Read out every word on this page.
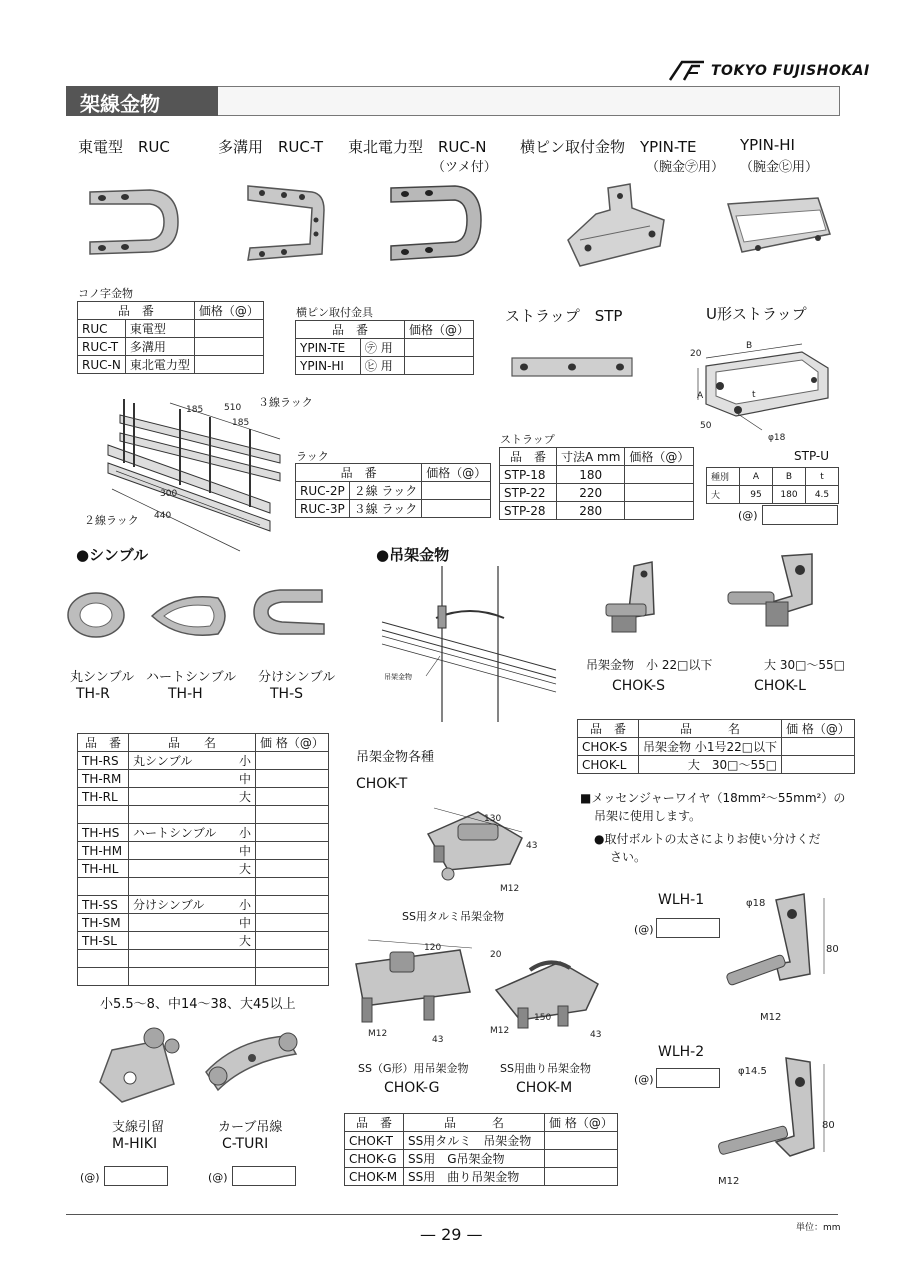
TOKYO FUJISHOKAI
架線金物
東電型　RUC	多溝用　RUC-T 東北電力型　RUC-N
（ツメ付）
横ピン取付金物　YPIN-TE
（腕金㋢用）
YPIN-HI
（腕金㋪用）
コノ字金物
品　番		価格（@）
RUC	東電型	
RUC-T	多溝用	
RUC-N	東北電力型	
横ピン取付金具
品　番		価格（@）
YPIN-TE	㋢ 用	
YPIN-HI	㋪ 用	
ストラップ　STP	U形ストラップ
B
20
A	t
50
φ18
185 510
185
３線ラック
300
440
２線ラック
ラック
品　番		価格（@）
RUC-2P	２線 ラック	
RUC-3P	３線 ラック	
ストラップ
品　番	寸法A mm	価格（@）
STP-18	180	
STP-22	220	
STP-28	280	
STP-U
種別	A	B	t
大	95	180	4.5
(@)
●シンブル
丸シンブル ハートシンブル 分けシンブル
TH-R	TH-H	TH-S
品　番	品　　名	価 格（@）
TH-RS	丸シンブル 小	

TH-RM	中	

TH-RL	大	

TH-HS	ハートシンブル 小	

TH-HM	中	

TH-HL	大	

TH-SS	分けシンブル 小	

TH-SM	中	

TH-SL	大	

小5.5～8、中14～38、大45以上
支線引留	カーブ吊線
M-HIKI	C-TURI
(@)	(@)
●吊架金物
吊架金物
吊架金物　小 22□以下	大 30□～55□
CHOK-S	CHOK-L
品　番	品　　　名	価 格（@）
CHOK-S	吊架金物 小1号22□以下	
CHOK-L	大　30□～55□	
■メッセンジャーワイヤ（18mm²～55mm²）の
吊架に使用します。
●取付ボルトの太さによりお使い分けくだ
さい。
吊架金物各種
CHOK-T
130
43
M12
SS用タルミ吊架金物
120
M12
43
20
150
M12	43
SS（G形）用吊架金物	SS用曲り吊架金物
CHOK-G	CHOK-M
品　番	品　　　名	価 格（@）
CHOK-T	SS用タルミ　吊架金物	
CHOK-G	SS用　G吊架金物	
CHOK-M	SS用　曲り吊架金物	
WLH-1
(@)
φ18
80
M12
WLH-2
(@)
φ14.5
80
M12
— 29 —	単位：mm
